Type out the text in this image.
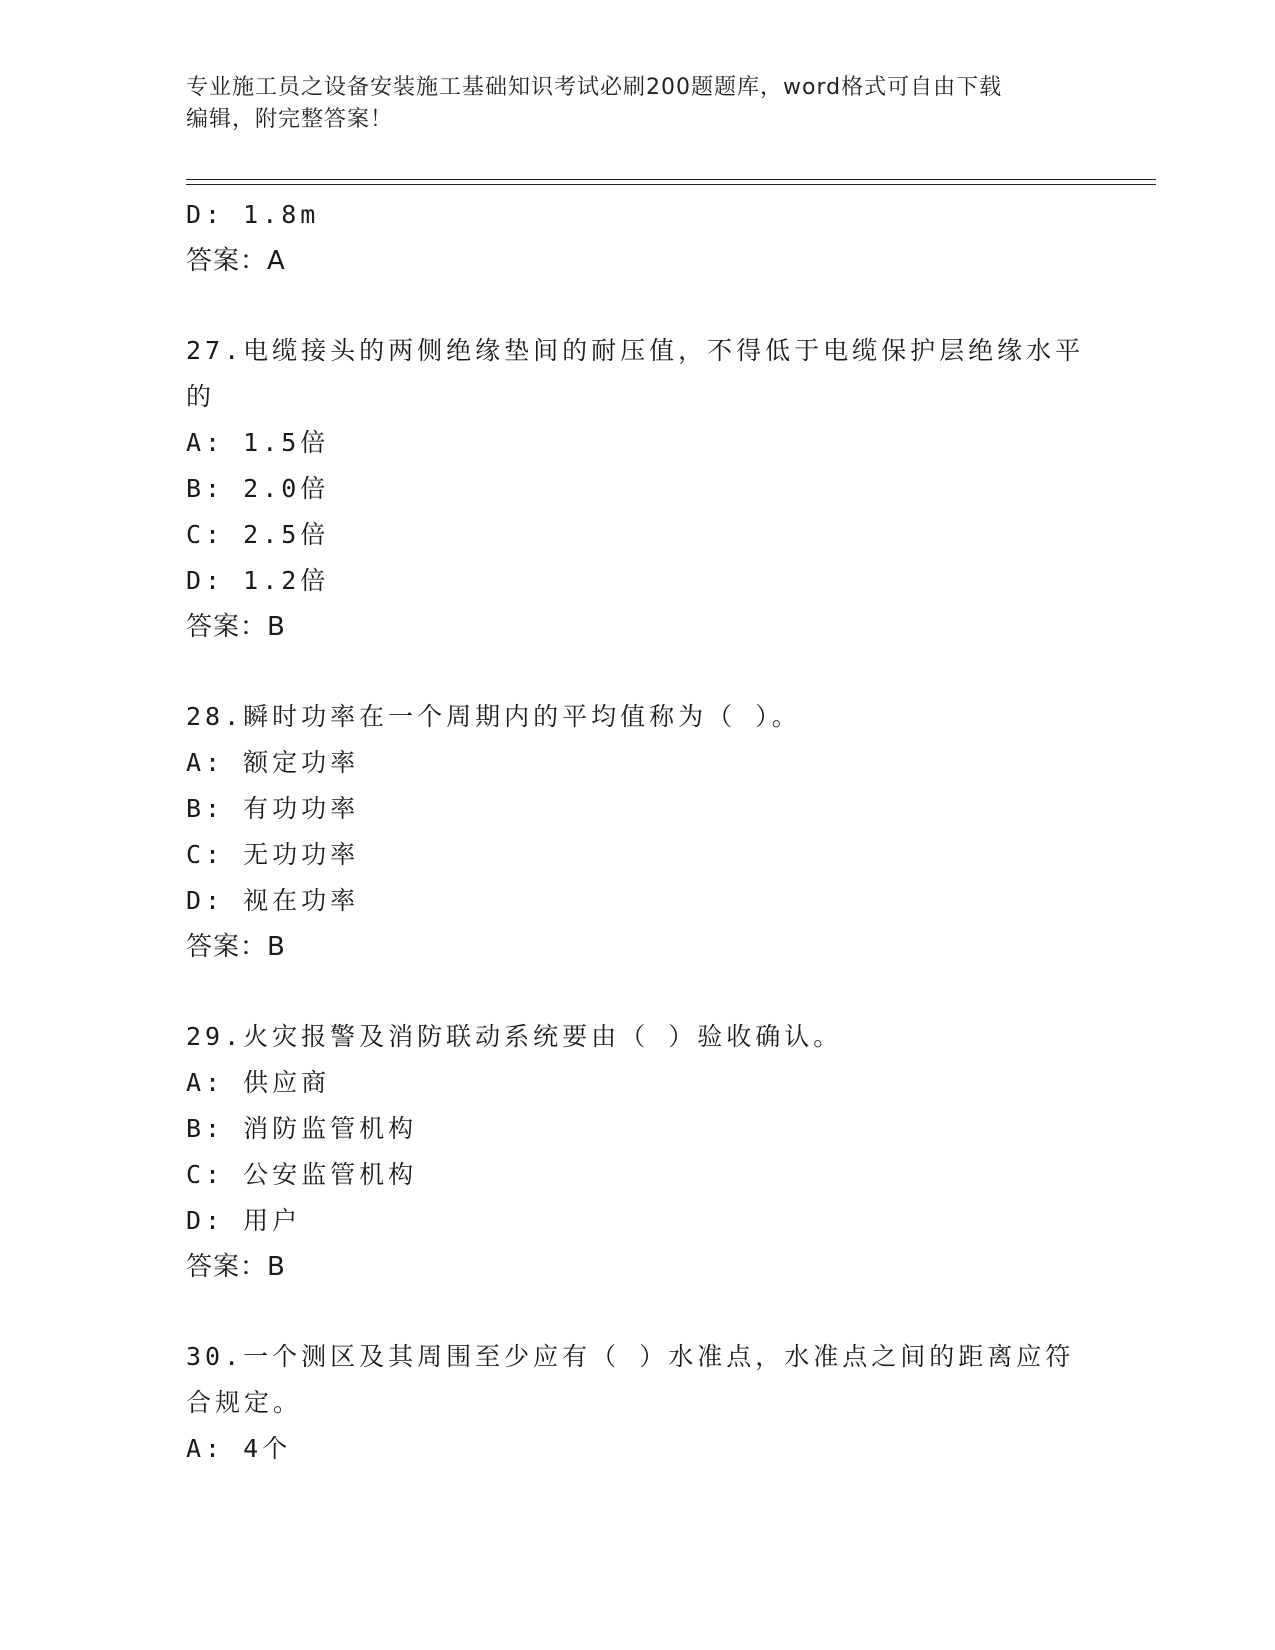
专业施工员之设备安装施工基础知识考试必刷200题题库，word格式可自由下载
编辑，附完整答案！
D: 1.8m
答案：A
27.电缆接头的两侧绝缘垫间的耐压值，不得低于电缆保护层绝缘水平
的
A: 1.5倍
B: 2.0倍
C: 2.5倍
D: 1.2倍
答案：B
28.瞬时功率在一个周期内的平均值称为（ ）。
A: 额定功率
B: 有功功率
C: 无功功率
D: 视在功率
答案：B
29.火灾报警及消防联动系统要由（ ）验收确认。
A: 供应商
B: 消防监管机构
C: 公安监管机构
D: 用户
答案：B
30.一个测区及其周围至少应有（ ）水准点，水准点之间的距离应符
合规定。
A: 4个
